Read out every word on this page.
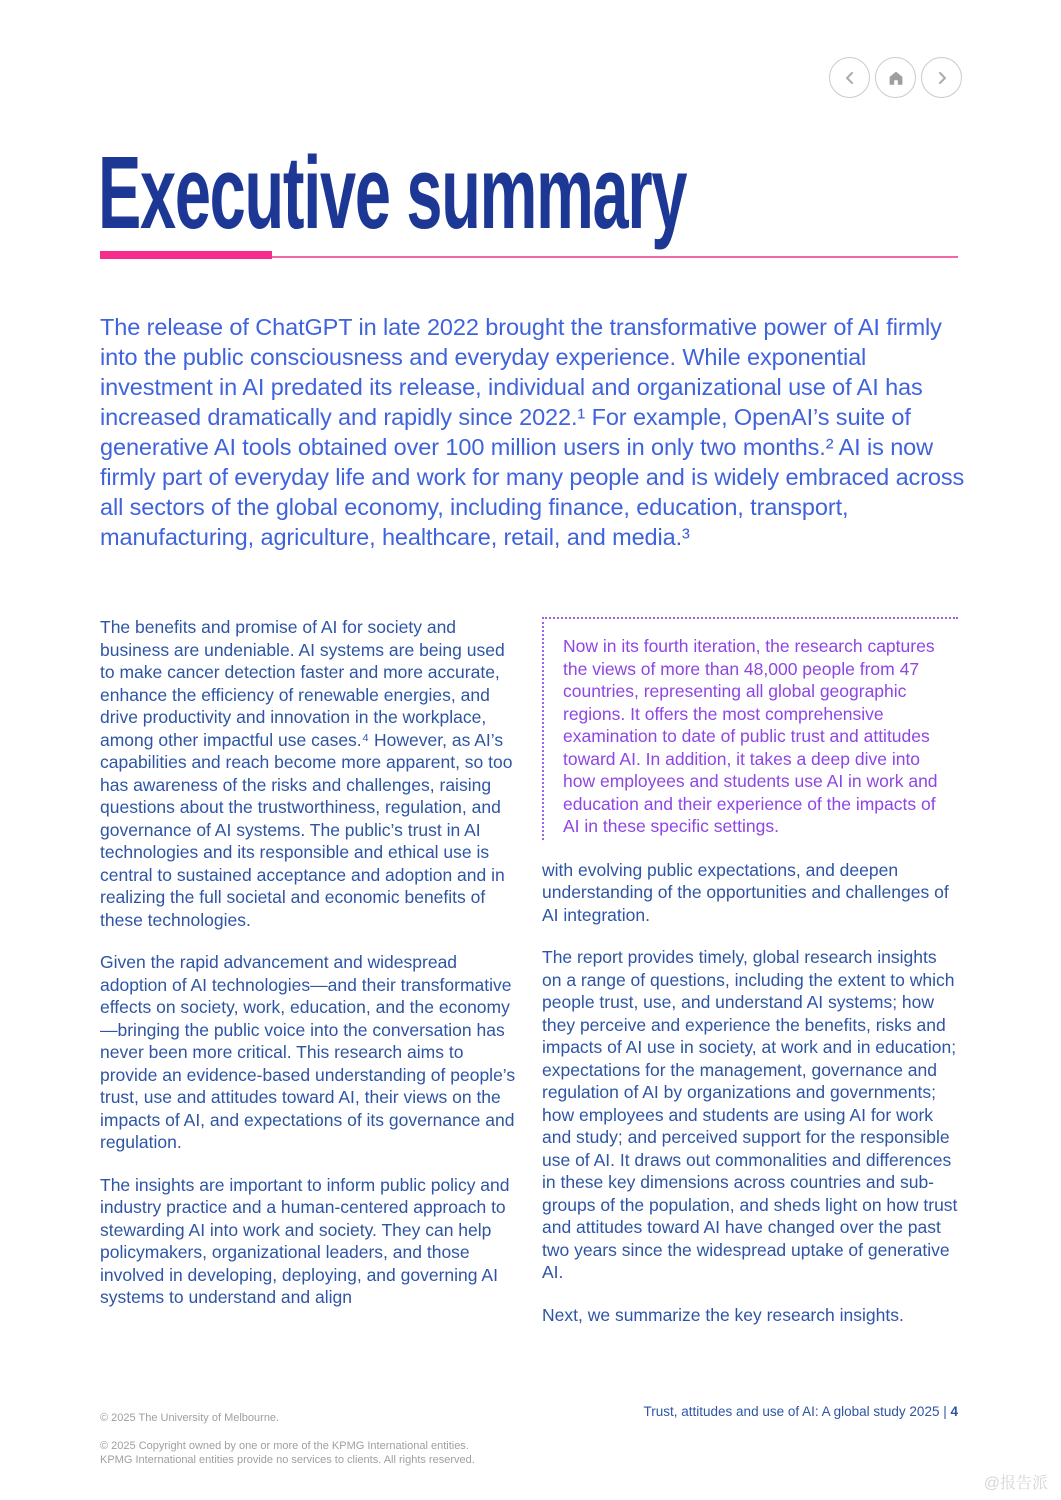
Executive summary

The release of ChatGPT in late 2022 brought the transformative power of AI firmly into the public consciousness and everyday experience. While exponential investment in AI predated its release, individual and organizational use of AI has increased dramatically and rapidly since 2022.¹ For example, OpenAI’s suite of generative AI tools obtained over 100 million users in only two months.² AI is now firmly part of everyday life and work for many people and is widely embraced across all sectors of the global economy, including finance, education, transport, manufacturing, agriculture, healthcare, retail, and media.³

The benefits and promise of AI for society and business are undeniable. AI systems are being used to make cancer detection faster and more accurate, enhance the efficiency of renewable energies, and drive productivity and innovation in the workplace, among other impactful use cases.⁴ However, as AI’s capabilities and reach become more apparent, so too has awareness of the risks and challenges, raising questions about the trustworthiness, regulation, and governance of AI systems. The public’s trust in AI technologies and its responsible and ethical use is central to sustained acceptance and adoption and in realizing the full societal and economic benefits of these technologies.

Given the rapid advancement and widespread adoption of AI technologies—and their transformative effects on society, work, education, and the economy—bringing the public voice into the conversation has never been more critical. This research aims to provide an evidence-based understanding of people’s trust, use and attitudes toward AI, their views on the impacts of AI, and expectations of its governance and regulation.

The insights are important to inform public policy and industry practice and a human-centered approach to stewarding AI into work and society. They can help policymakers, organizational leaders, and those involved in developing, deploying, and governing AI systems to understand and align

Now in its fourth iteration, the research captures the views of more than 48,000 people from 47 countries, representing all global geographic regions. It offers the most comprehensive examination to date of public trust and attitudes toward AI. In addition, it takes a deep dive into how employees and students use AI in work and education and their experience of the impacts of AI in these specific settings.

with evolving public expectations, and deepen understanding of the opportunities and challenges of AI integration.

The report provides timely, global research insights on a range of questions, including the extent to which people trust, use, and understand AI systems; how they perceive and experience the benefits, risks and impacts of AI use in society, at work and in education; expectations for the management, governance and regulation of AI by organizations and governments; how employees and students are using AI for work and study; and perceived support for the responsible use of AI. It draws out commonalities and differences in these key dimensions across countries and sub-groups of the population, and sheds light on how trust and attitudes toward AI have changed over the past two years since the widespread uptake of generative AI.

Next, we summarize the key research insights.

© 2025 The University of Melbourne.
© 2025 Copyright owned by one or more of the KPMG International entities.
KPMG International entities provide no services to clients. All rights reserved.
Trust, attitudes and use of AI: A global study 2025 | 4
@报告派
